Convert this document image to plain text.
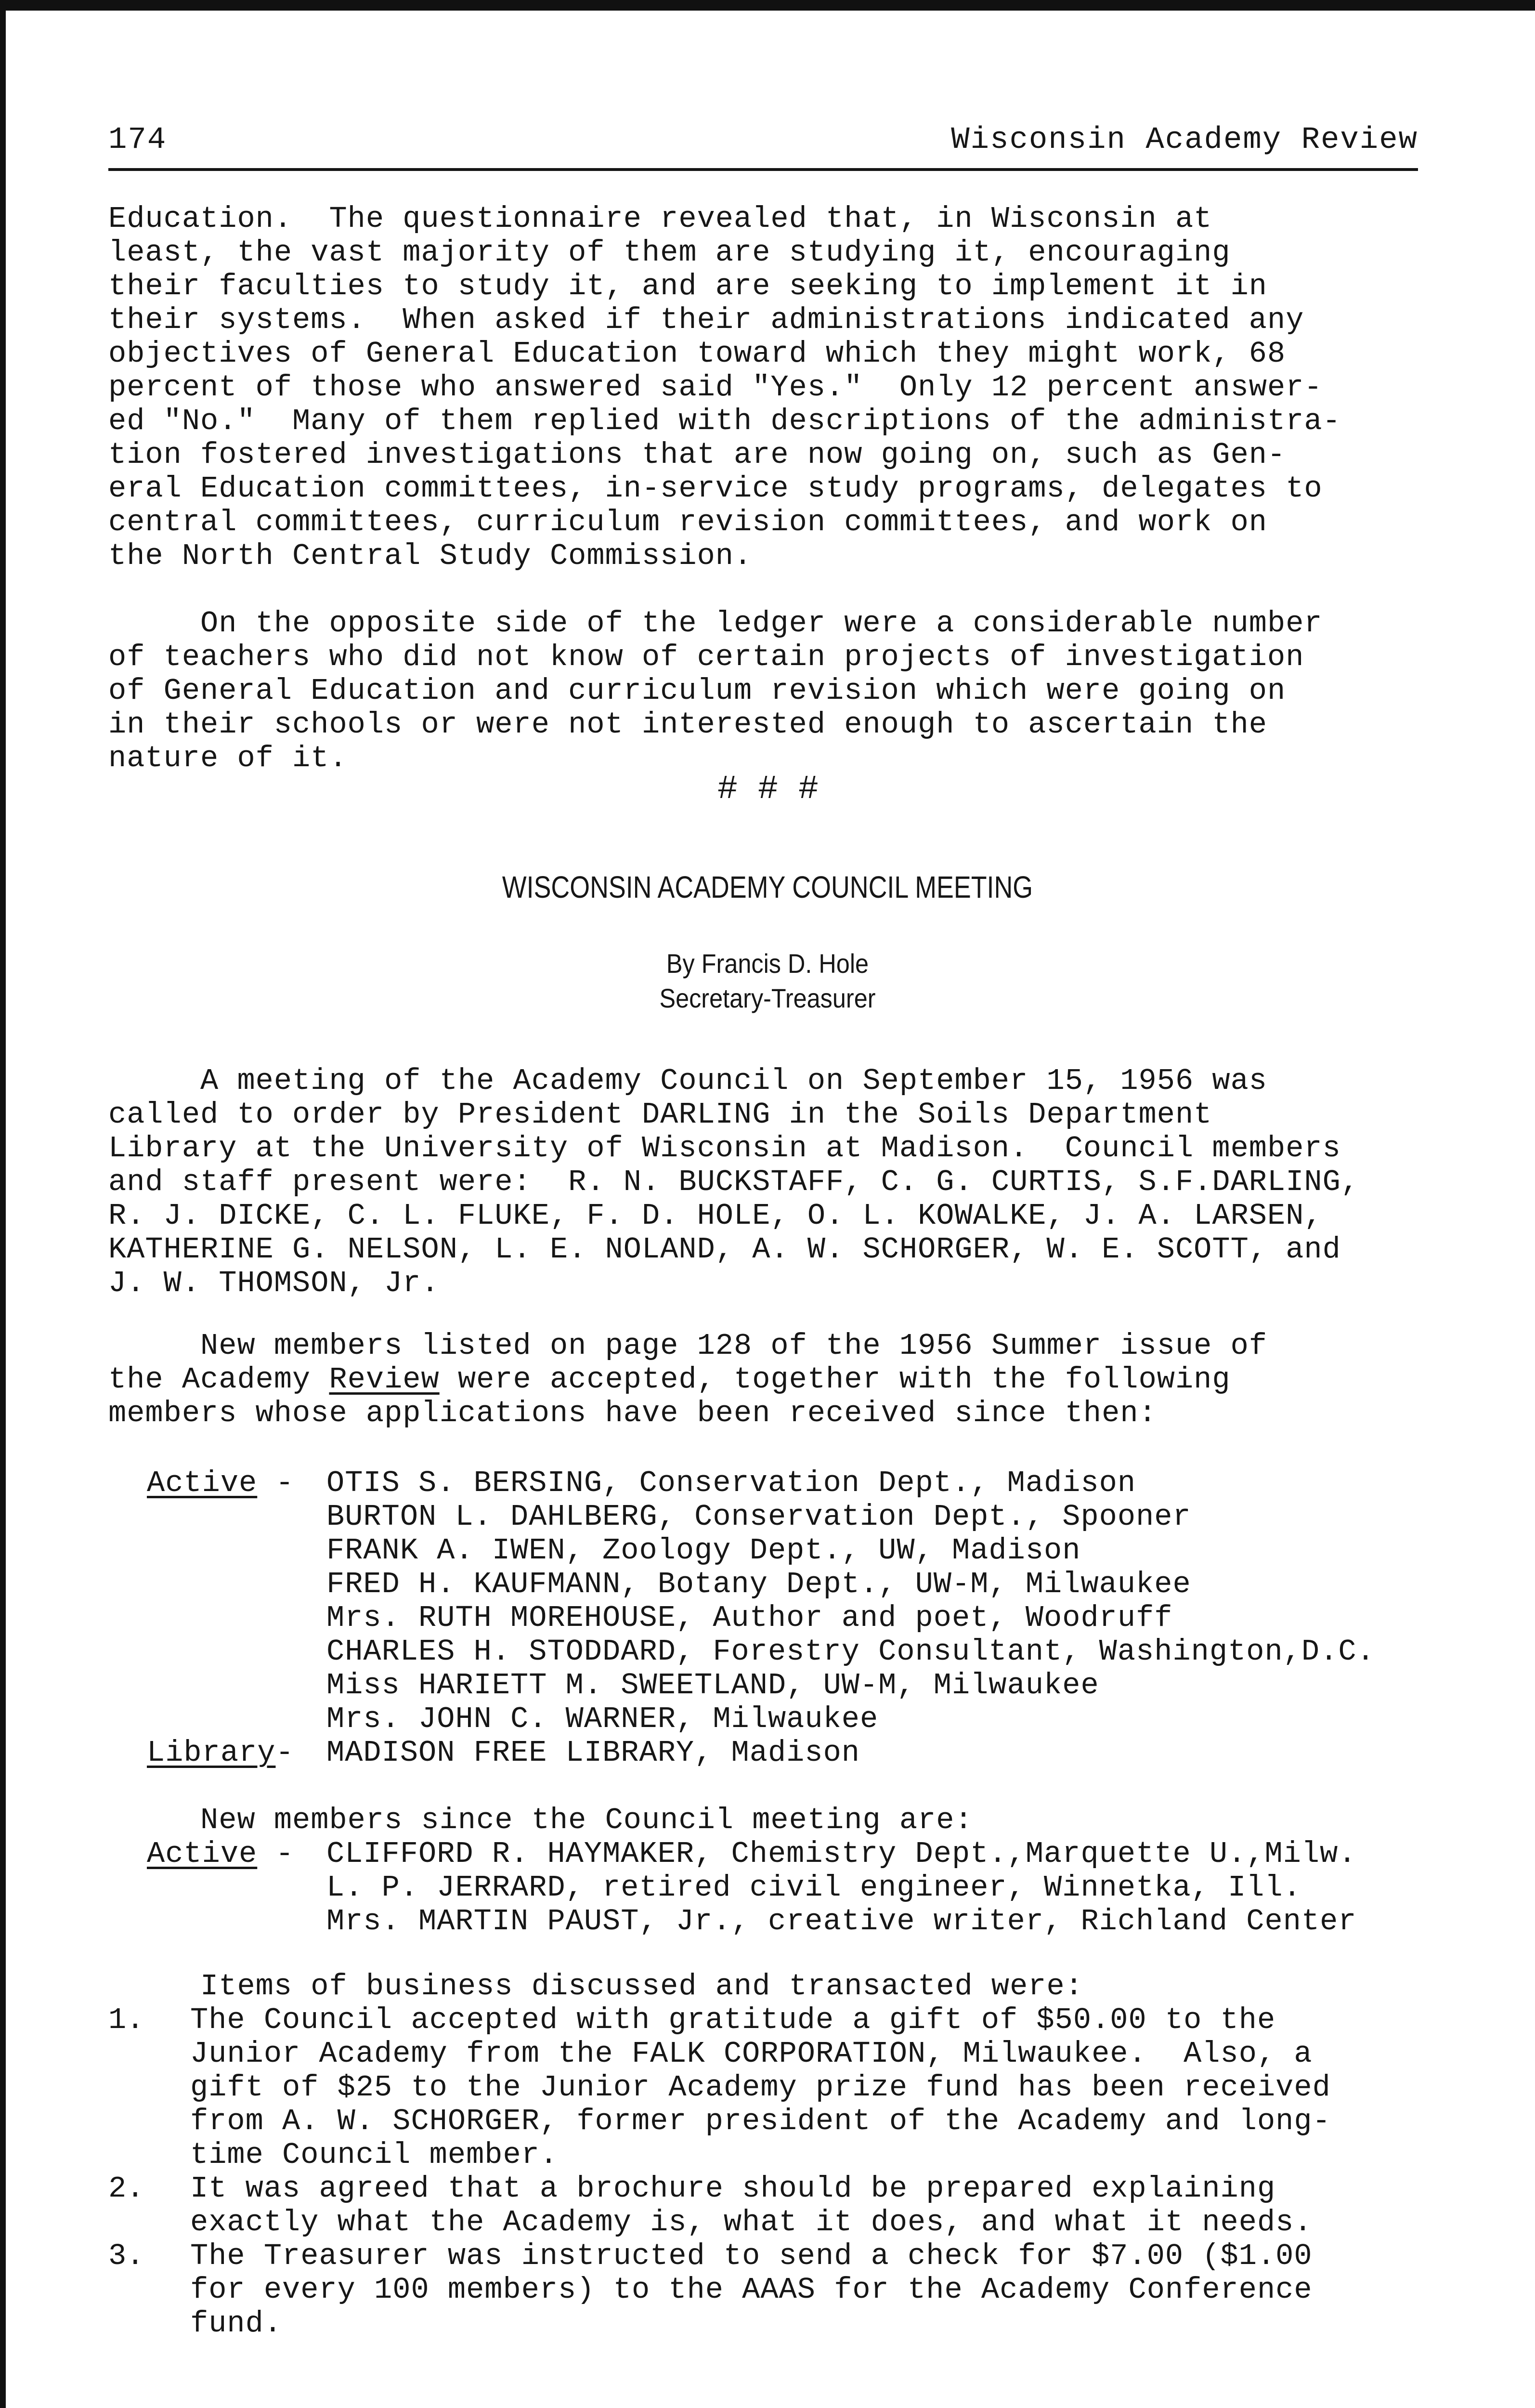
174	Wisconsin Academy Review
Education.  The questionnaire revealed that, in Wisconsin at
least, the vast majority of them are studying it, encouraging
their faculties to study it, and are seeking to implement it in
their systems.  When asked if their administrations indicated any
objectives of General Education toward which they might work, 68
percent of those who answered said "Yes."  Only 12 percent answer-
ed "No."  Many of them replied with descriptions of the administra-
tion fostered investigations that are now going on, such as Gen-
eral Education committees, in-service study programs, delegates to
central committees, curriculum revision committees, and work on
the North Central Study Commission.
On the opposite side of the ledger were a considerable number
of teachers who did not know of certain projects of investigation
of General Education and curriculum revision which were going on
in their schools or were not interested enough to ascertain the
nature of it.
# # #
WISCONSIN ACADEMY COUNCIL MEETING
By Francis D. Hole
Secretary-Treasurer
A meeting of the Academy Council on September 15, 1956 was
called to order by President DARLING in the Soils Department
Library at the University of Wisconsin at Madison.  Council members
and staff present were:  R. N. BUCKSTAFF, C. G. CURTIS, S.F.DARLING,
R. J. DICKE, C. L. FLUKE, F. D. HOLE, O. L. KOWALKE, J. A. LARSEN,
KATHERINE G. NELSON, L. E. NOLAND, A. W. SCHORGER, W. E. SCOTT, and
J. W. THOMSON, Jr.
New members listed on page 128 of the 1956 Summer issue of
the Academy Review were accepted, together with the following
members whose applications have been received since then:
Active - OTIS S. BERSING, Conservation Dept., Madison
BURTON L. DAHLBERG, Conservation Dept., Spooner
FRANK A. IWEN, Zoology Dept., UW, Madison
FRED H. KAUFMANN, Botany Dept., UW-M, Milwaukee
Mrs. RUTH MOREHOUSE, Author and poet, Woodruff
CHARLES H. STODDARD, Forestry Consultant, Washington,D.C.
Miss HARIETT M. SWEETLAND, UW-M, Milwaukee
Mrs. JOHN C. WARNER, Milwaukee
Library- MADISON FREE LIBRARY, Madison
New members since the Council meeting are:
Active - CLIFFORD R. HAYMAKER, Chemistry Dept.,Marquette U.,Milw.
L. P. JERRARD, retired civil engineer, Winnetka, Ill.
Mrs. MARTIN PAUST, Jr., creative writer, Richland Center
Items of business discussed and transacted were:
1. The Council accepted with gratitude a gift of $50.00 to the
Junior Academy from the FALK CORPORATION, Milwaukee.  Also, a
gift of $25 to the Junior Academy prize fund has been received
from A. W. SCHORGER, former president of the Academy and long-
time Council member.
2. It was agreed that a brochure should be prepared explaining
exactly what the Academy is, what it does, and what it needs.
3. The Treasurer was instructed to send a check for $7.00 ($1.00
for every 100 members) to the AAAS for the Academy Conference
fund.
